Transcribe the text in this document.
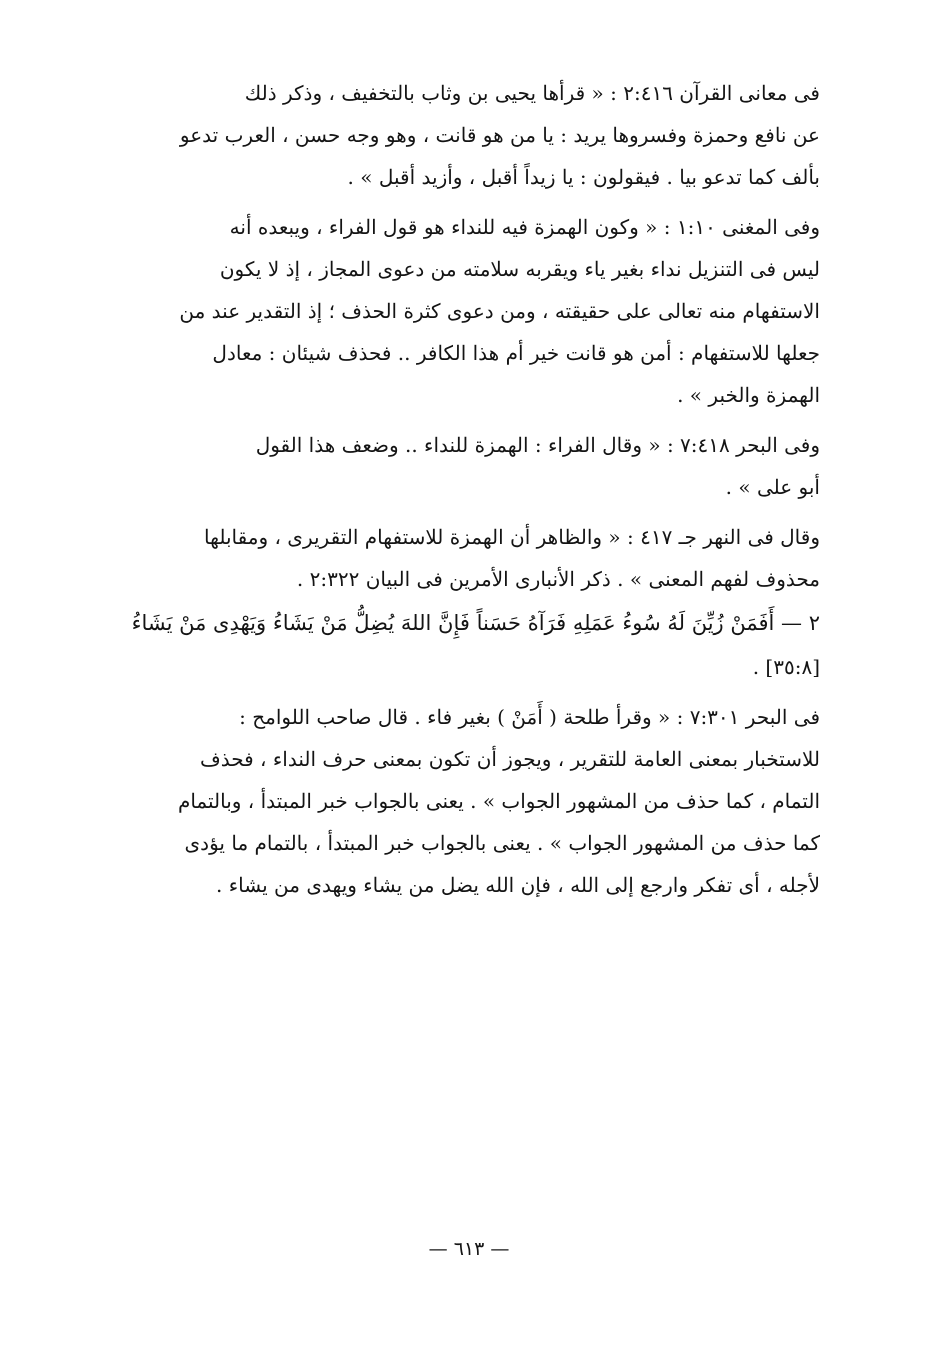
فى معانى القرآن ٢:٤١٦ : « قرأها يحيى بن وثاب بالتخفيف ، وذكر ذلك
عن نافع وحمزة وفسروها يريد : يا من هو قانت ، وهو وجه حسن ، العرب تدعو
بألف كما تدعو بيا . فيقولون : يا زيداً أقبل ، وأزيد أقبل » .
وفى المغنى ١:١٠ : « وكون الهمزة فيه للنداء هو قول الفراء ، ويبعده أنه
ليس فى التنزيل نداء بغير ياء ويقربه سلامته من دعوى المجاز ، إذ لا يكون
الاستفهام منه تعالى على حقيقته ، ومن دعوى كثرة الحذف ؛ إذ التقدير عند من
جعلها للاستفهام : أمن هو قانت خير أم هذا الكافر .. فحذف شيئان : معادل
الهمزة والخبر » .
وفى البحر ٧:٤١٨ : « وقال الفراء : الهمزة للنداء .. وضعف هذا القول
أبو على » .
وقال فى النهر جـ ٤١٧ : « والظاهر أن الهمزة للاستفهام التقريرى ، ومقابلها
محذوف لفهم المعنى » . ذكر الأنبارى الأمرين فى البيان ٢:٣٢٢ .
٢ — أَفَمَنْ زُيِّنَ لَهُ سُوءُ عَمَلِهِ فَرَآهُ حَسَناً فَإِنَّ اللهَ يُضِلُّ مَنْ يَشَاءُ وَيَهْدِى مَنْ يَشَاءُ
[٣٥:٨] .
فى البحر ٧:٣٠١ : « وقرأ طلحة ( أَمَنْ ) بغير فاء . قال صاحب اللوامح :
للاستخبار بمعنى العامة للتقرير ، ويجوز أن تكون بمعنى حرف النداء ، فحذف
التمام ، كما حذف من المشهور الجواب » . يعنى بالجواب خبر المبتدأ ، وبالتمام
كما حذف من المشهور الجواب » . يعنى بالجواب خبر المبتدأ ، بالتمام ما يؤدى
لأجله ، أى تفكر وارجع إلى الله ، فإن الله يضل من يشاء ويهدى من يشاء .
— ٦١٣ —
